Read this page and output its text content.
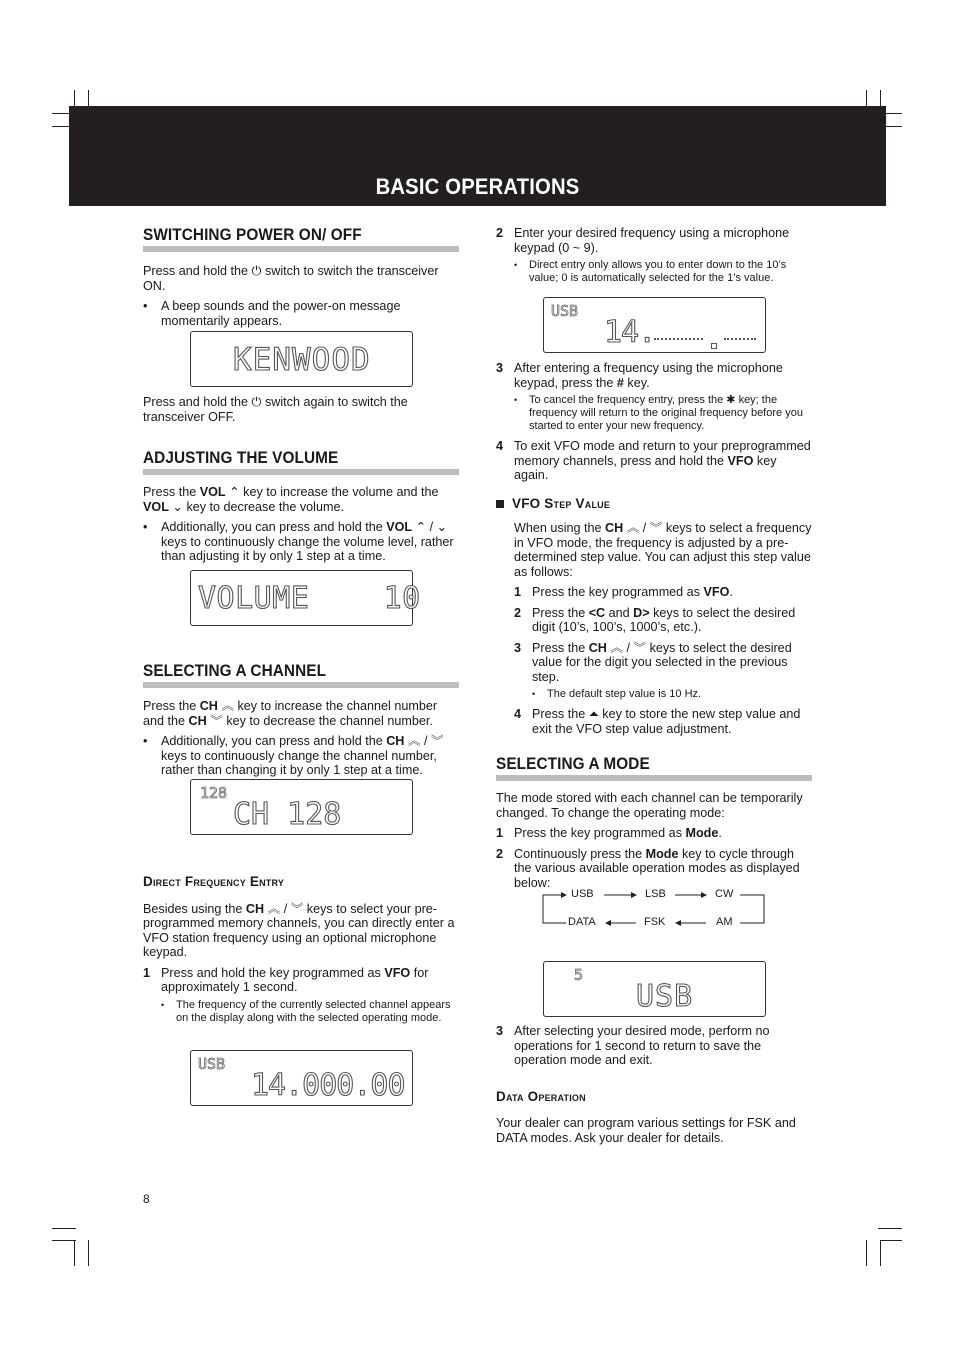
BASIC OPERATIONS
SWITCHING POWER ON/ OFF

Press and hold the ⏻ switch to switch the transceiver ON.

• A beep sounds and the power-on message momentarily appears.

KENWOOD

Press and hold the ⏻ switch again to switch the transceiver OFF.

ADJUSTING THE VOLUME

Press the VOL ⌃ key to increase the volume and the VOL ⌄ key to decrease the volume.

• Additionally, you can press and hold the VOL ⌃ / ⌄ keys to continuously change the volume level, rather than adjusting it by only 1 step at a time.

VOLUME    10
SELECTING A CHANNEL

Press the CH ︽ key to increase the channel number and the CH ︾ key to decrease the channel number.

• Additionally, you can press and hold the CH ︽ / ︾ keys to continuously change the channel number, rather than changing it by only 1 step at a time.

128
CH 128

Direct Frequency Entry

Besides using the CH ︽ / ︾ keys to select your pre-programmed memory channels, you can directly enter a VFO station frequency using an optional microphone keypad.

1 Press and hold the key programmed as VFO for approximately 1 second.

• The frequency of the currently selected channel appears on the display along with the selected operating mode.

USB
14.000.00
8

2 Enter your desired frequency using a microphone keypad (0 ~ 9).

• Direct entry only allows you to enter down to the 10’s value; 0 is automatically selected for the 1’s value.

USB
14.

3 After entering a frequency using the microphone keypad, press the # key.

• To cancel the frequency entry, press the ✱ key; the frequency will return to the original frequency before you started to enter your new frequency.

4 To exit VFO mode and return to your preprogrammed memory channels, press and hold the VFO key again.

VFO Step Value

When using the CH ︽ / ︾ keys to select a frequency in VFO mode, the frequency is adjusted by a pre-determined step value. You can adjust this step value as follows:

1 Press the key programmed as VFO.

2 Press the <C and D> keys to select the desired digit (10’s, 100’s, 1000’s, etc.).

3 Press the CH ︽ / ︾ keys to select the desired value for the digit you selected in the previous step.

• The default step value is 10 Hz.

4 Press the ⏶ key to store the new step value and exit the VFO step value adjustment.

SELECTING A MODE

The mode stored with each channel can be temporarily changed. To change the operating mode:

1 Press the key programmed as Mode.

2 Continuously press the Mode key to cycle through the various available operation modes as displayed below:

USB	LSB	CW
DATA	FSK	AM
5
USB

3 After selecting your desired mode, perform no operations for 1 second to return to save the operation mode and exit.

Data Operation

Your dealer can program various settings for FSK and DATA modes. Ask your dealer for details.
